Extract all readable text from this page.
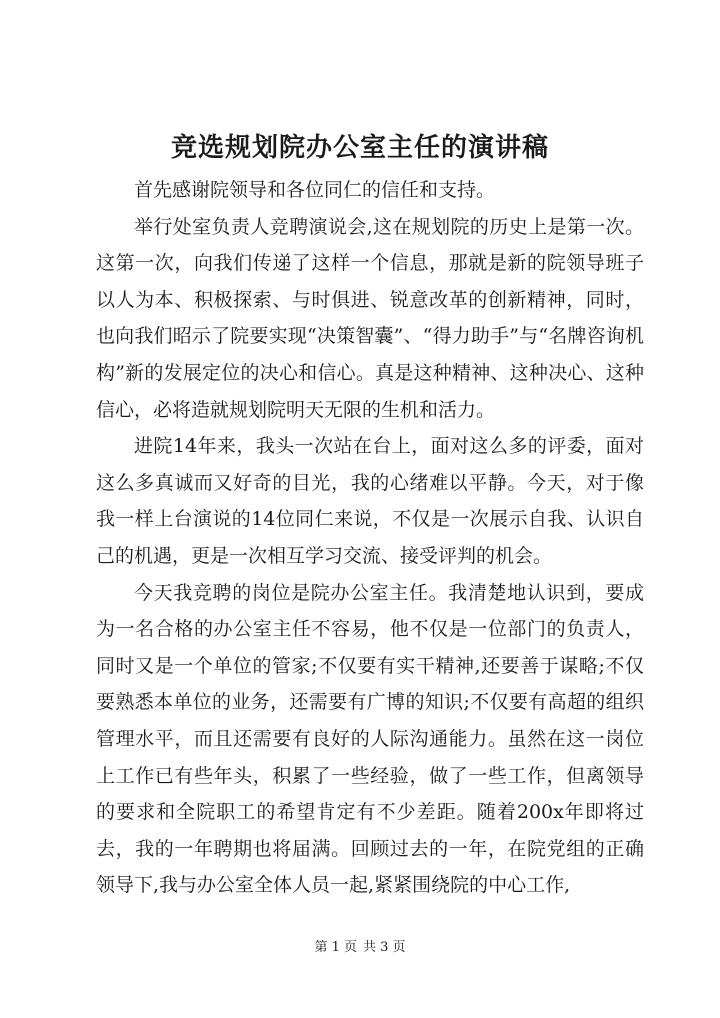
竞选规划院办公室主任的演讲稿

首先感谢院领导和各位同仁的信任和支持。

举行处室负责人竞聘演说会,这在规划院的历史上是第一次。这第一次，向我们传递了这样一个信息，那就是新的院领导班子以人为本、积极探索、与时俱进、锐意改革的创新精神，同时，也向我们昭示了院要实现“决策智囊”、“得力助手”与“名牌咨询机构”新的发展定位的决心和信心。真是这种精神、这种决心、这种信心，必将造就规划院明天无限的生机和活力。

进院14年来，我头一次站在台上，面对这么多的评委，面对这么多真诚而又好奇的目光，我的心绪难以平静。今天，对于像我一样上台演说的14位同仁来说，不仅是一次展示自我、认识自己的机遇，更是一次相互学习交流、接受评判的机会。

今天我竞聘的岗位是院办公室主任。我清楚地认识到，要成为一名合格的办公室主任不容易，他不仅是一位部门的负责人，同时又是一个单位的管家;不仅要有实干精神,还要善于谋略;不仅要熟悉本单位的业务，还需要有广博的知识;不仅要有高超的组织管理水平，而且还需要有良好的人际沟通能力。虽然在这一岗位上工作已有些年头，积累了一些经验，做了一些工作，但离领导的要求和全院职工的希望肯定有不少差距。随着200x年即将过去，我的一年聘期也将届满。回顾过去的一年，在院党组的正确领导下,我与办公室全体人员一起,紧紧围绕院的中心工作,

第 1 页 共 3 页
